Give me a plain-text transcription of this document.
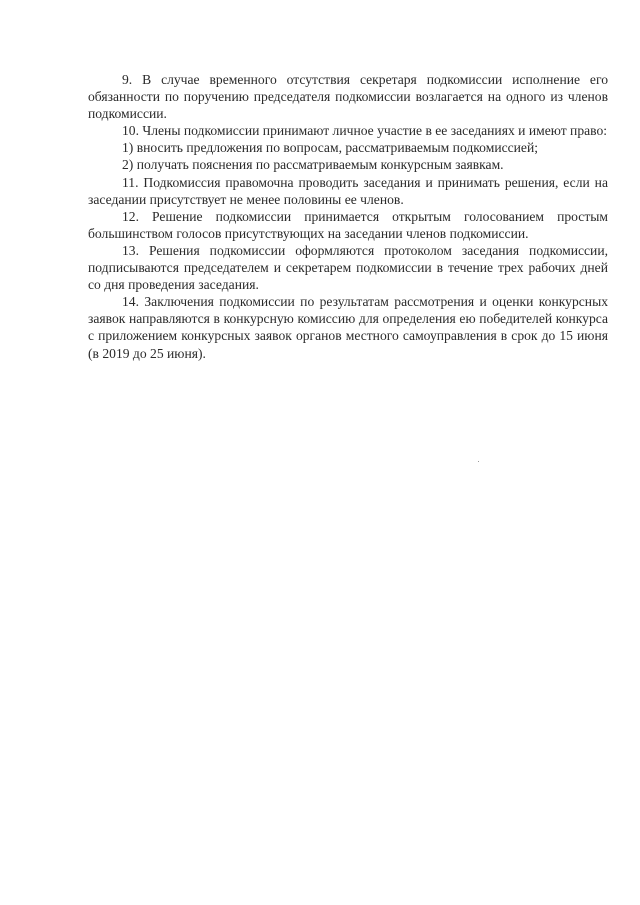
9. В случае временного отсутствия секретаря подкомиссии исполнение его обязанности по поручению председателя подкомиссии возлагается на одного из членов подкомиссии.

10. Члены подкомиссии принимают личное участие в ее заседаниях и имеют право:

1) вносить предложения по вопросам, рассматриваемым подкомиссией;

2) получать пояснения по рассматриваемым конкурсным заявкам.

11. Подкомиссия правомочна проводить заседания и принимать решения, если на заседании присутствует не менее половины ее членов.

12. Решение подкомиссии принимается открытым голосованием простым большинством голосов присутствующих на заседании членов подкомиссии.

13. Решения подкомиссии оформляются протоколом заседания подкомиссии, подписываются председателем и секретарем подкомиссии в течение трех рабочих дней со дня проведения заседания.

14. Заключения подкомиссии по результатам рассмотрения и оценки конкурсных заявок направляются в конкурсную комиссию для определения ею победителей конкурса с приложением конкурсных заявок органов местного самоуправления в срок до 15 июня (в 2019 до 25 июня).
